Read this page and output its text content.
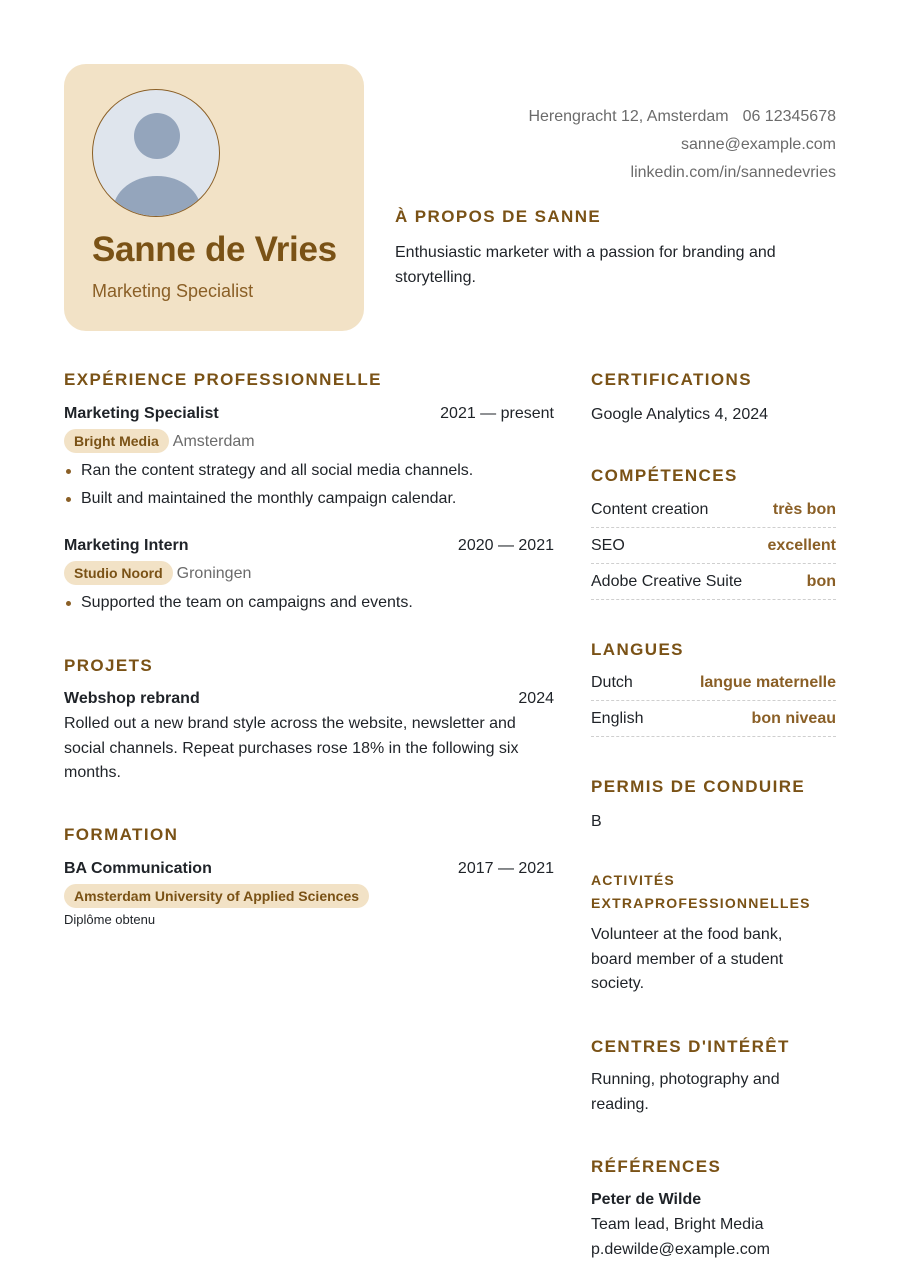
Sanne de Vries
Marketing Specialist
Herengracht 12, Amsterdam 06 12345678
sanne@example.com
linkedin.com/in/sannedevries
À PROPOS DE SANNE
Enthusiastic marketer with a passion for branding and storytelling.
EXPÉRIENCE PROFESSIONNELLE
Marketing Specialist	2021 — present
Bright Media Amsterdam
Ran the content strategy and all social media channels.
Built and maintained the monthly campaign calendar.
Marketing Intern	2020 — 2021
Studio Noord Groningen
Supported the team on campaigns and events.
PROJETS
Webshop rebrand	2024
Rolled out a new brand style across the website, newsletter and social channels. Repeat purchases rose 18% in the following six months.
FORMATION
BA Communication	2017 — 2021
Amsterdam University of Applied Sciences
Diplôme obtenu
CERTIFICATIONS
Google Analytics 4, 2024
COMPÉTENCES
Content creation	très bon
SEO	excellent
Adobe Creative Suite	bon
LANGUES
Dutch	langue maternelle
English	bon niveau
PERMIS DE CONDUIRE
B
ACTIVITÉS EXTRAPROFESSIONNELLES
Volunteer at the food bank, board member of a student society.
CENTRES D'INTÉRÊT
Running, photography and reading.
RÉFÉRENCES
Peter de Wilde
Team lead, Bright Media
p.dewilde@example.com
